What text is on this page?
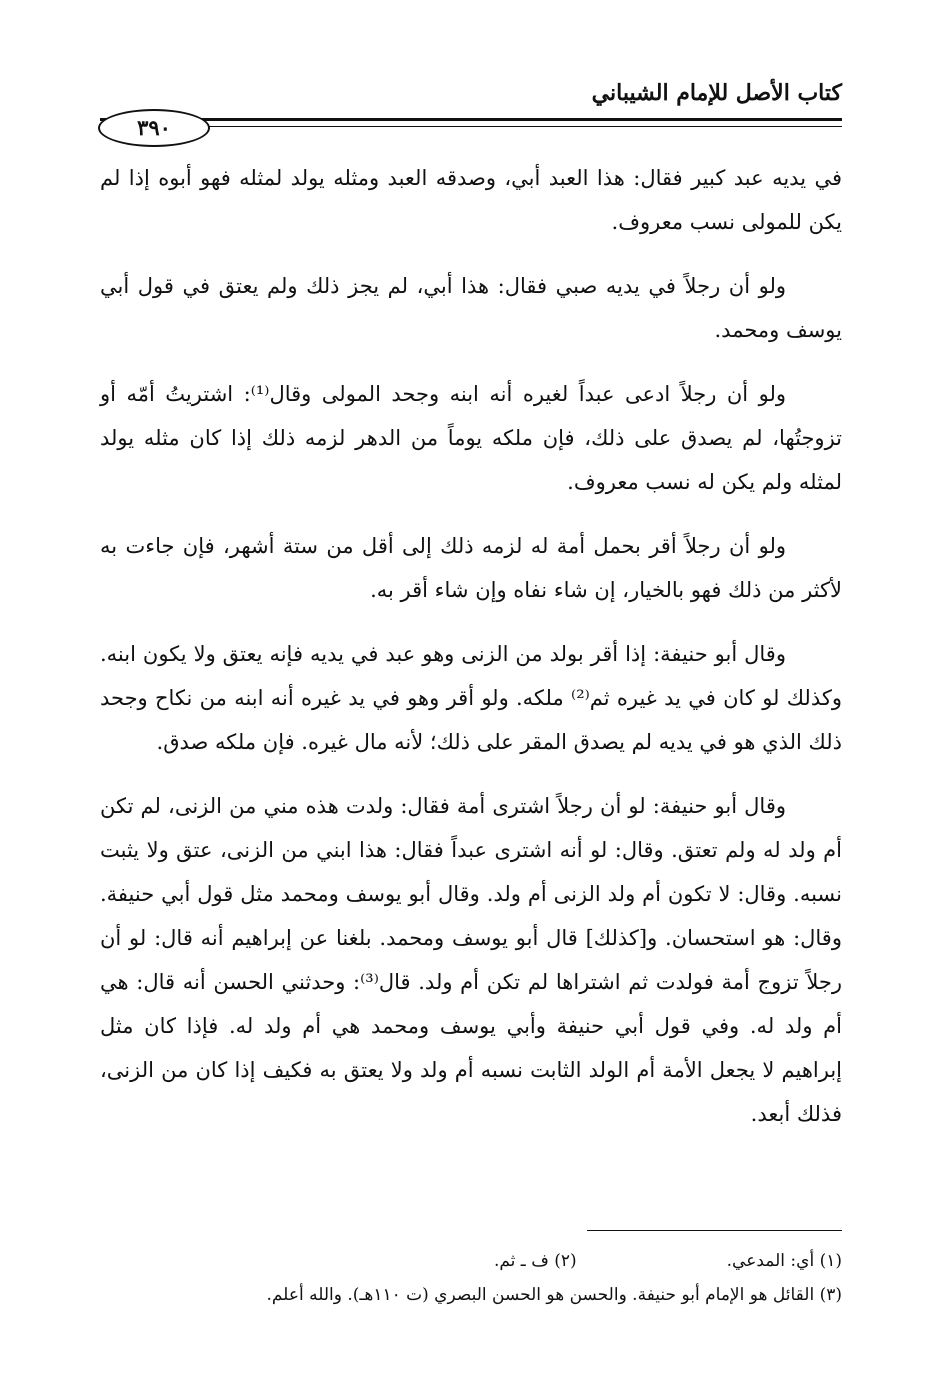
كتاب الأصل للإمام الشيباني
٣٩٠

في يديه عبد كبير فقال: هذا العبد أبي، وصدقه العبد ومثله يولد لمثله فهو أبوه إذا لم يكن للمولى نسب معروف.

ولو أن رجلاً في يديه صبي فقال: هذا أبي، لم يجز ذلك ولم يعتق في قول أبي يوسف ومحمد.

ولو أن رجلاً ادعى عبداً لغيره أنه ابنه وجحد المولى وقال⁽¹⁾: اشتريتُ أمّه أو تزوجتُها، لم يصدق على ذلك، فإن ملكه يوماً من الدهر لزمه ذلك إذا كان مثله يولد لمثله ولم يكن له نسب معروف.

ولو أن رجلاً أقر بحمل أمة له لزمه ذلك إلى أقل من ستة أشهر، فإن جاءت به لأكثر من ذلك فهو بالخيار، إن شاء نفاه وإن شاء أقر به.

وقال أبو حنيفة: إذا أقر بولد من الزنى وهو عبد في يديه فإنه يعتق ولا يكون ابنه. وكذلك لو كان في يد غيره ثم⁽²⁾ ملكه. ولو أقر وهو في يد غيره أنه ابنه من نكاح وجحد ذلك الذي هو في يديه لم يصدق المقر على ذلك؛ لأنه مال غيره. فإن ملكه صدق.

وقال أبو حنيفة: لو أن رجلاً اشترى أمة فقال: ولدت هذه مني من الزنى، لم تكن أم ولد له ولم تعتق. وقال: لو أنه اشترى عبداً فقال: هذا ابني من الزنى، عتق ولا يثبت نسبه. وقال: لا تكون أم ولد الزنى أم ولد. وقال أبو يوسف ومحمد مثل قول أبي حنيفة. وقال: هو استحسان. و[كذلك] قال أبو يوسف ومحمد. بلغنا عن إبراهيم أنه قال: لو أن رجلاً تزوج أمة فولدت ثم اشتراها لم تكن أم ولد. قال⁽³⁾: وحدثني الحسن أنه قال: هي أم ولد له. وفي قول أبي حنيفة وأبي يوسف ومحمد هي أم ولد له. فإذا كان مثل إبراهيم لا يجعل الأمة أم الولد الثابت نسبه أم ولد ولا يعتق به فكيف إذا كان من الزنى، فذلك أبعد.

(١) أي: المدعي.(٢) ف ـ ثم.
(٣) القائل هو الإمام أبو حنيفة. والحسن هو الحسن البصري (ت ١١٠هـ). والله أعلم.
